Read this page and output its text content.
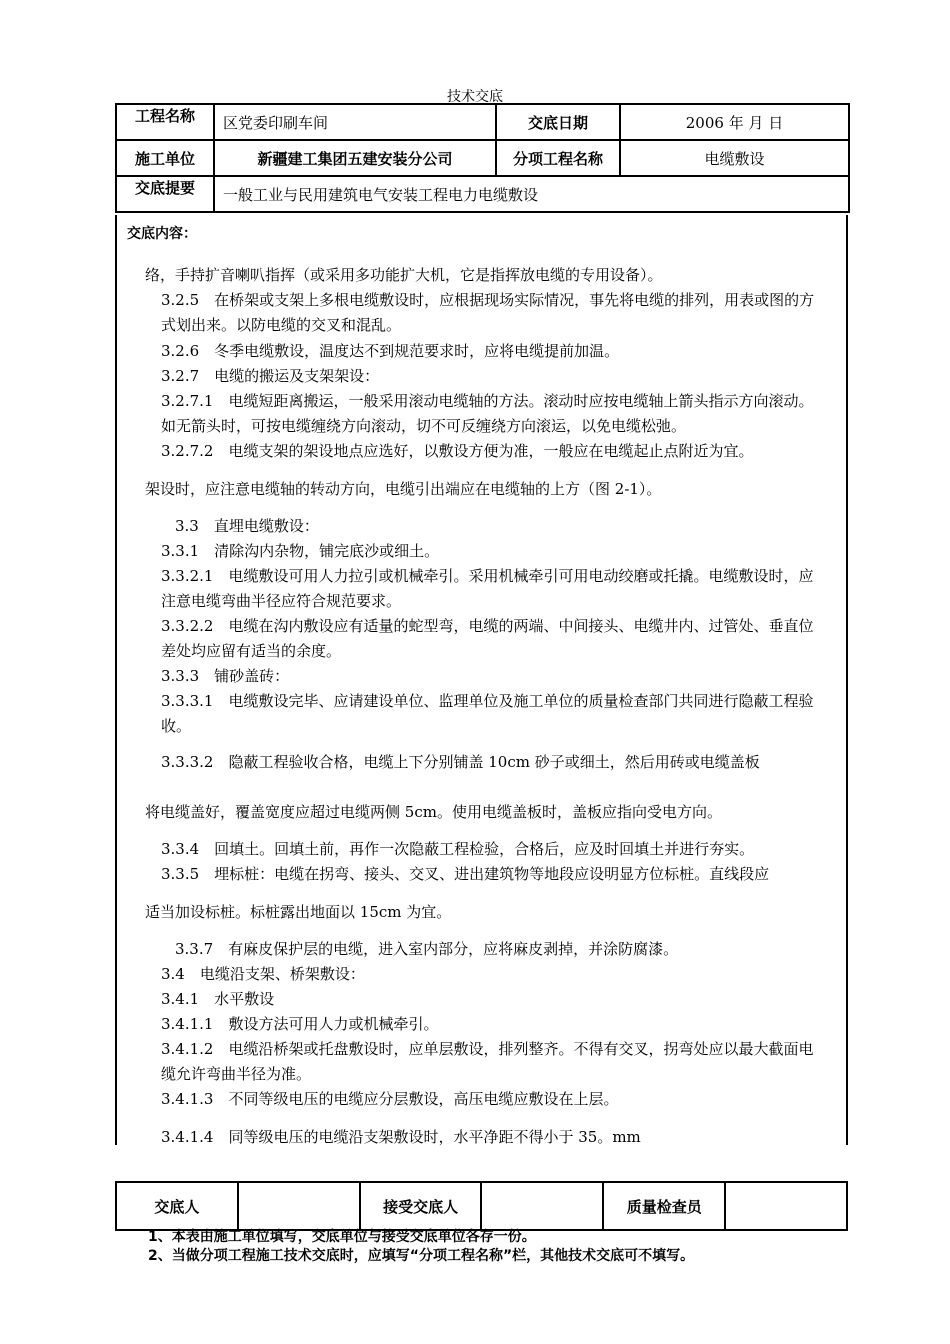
技术交底
工程名称	区党委印刷车间	交底日期	2006 年 月 日
施工单位	新疆建工集团五建安装分公司	分项工程名称	电缆敷设
交底提要	一般工业与民用建筑电气安装工程电力电缆敷设		
交底内容：
络，手持扩音喇叭指挥（或采用多功能扩大机，它是指挥放电缆的专用设备）。
3.2.5　在桥架或支架上多根电缆敷设时，应根据现场实际情况，事先将电缆的排列，用表或图的方式划出来。以防电缆的交叉和混乱。
3.2.6　冬季电缆敷设，温度达不到规范要求时，应将电缆提前加温。
3.2.7　电缆的搬运及支架架设：
3.2.7.1　电缆短距离搬运，一般采用滚动电缆轴的方法。滚动时应按电缆轴上箭头指示方向滚动。如无箭头时，可按电缆缠绕方向滚动，切不可反缠绕方向滚运，以免电缆松弛。
3.2.7.2　电缆支架的架设地点应选好，以敷设方便为准，一般应在电缆起止点附近为宜。
架设时，应注意电缆轴的转动方向，电缆引出端应在电缆轴的上方（图 2-1）。
3.3　直埋电缆敷设：
3.3.1　清除沟内杂物，铺完底沙或细土。
3.3.2.1　电缆敷设可用人力拉引或机械牵引。采用机械牵引可用电动绞磨或托撬。电缆敷设时，应注意电缆弯曲半径应符合规范要求。
3.3.2.2　电缆在沟内敷设应有适量的蛇型弯，电缆的两端、中间接头、电缆井内、过管处、垂直位差处均应留有适当的余度。
3.3.3　铺砂盖砖：
3.3.3.1　电缆敷设完毕、应请建设单位、监理单位及施工单位的质量检查部门共同进行隐蔽工程验收。
3.3.3.2　隐蔽工程验收合格，电缆上下分别铺盖 10cm 砂子或细土，然后用砖或电缆盖板
将电缆盖好，覆盖宽度应超过电缆两侧 5cm。使用电缆盖板时，盖板应指向受电方向。
3.3.4　回填土。回填土前，再作一次隐蔽工程检验，合格后，应及时回填土并进行夯实。
3.3.5　埋标桩：电缆在拐弯、接头、交叉、进出建筑物等地段应设明显方位标桩。直线段应
适当加设标桩。标桩露出地面以 15cm 为宜。
3.3.7　有麻皮保护层的电缆，进入室内部分，应将麻皮剥掉，并涂防腐漆。
3.4　电缆沿支架、桥架敷设：
3.4.1　水平敷设
3.4.1.1　敷设方法可用人力或机械牵引。
3.4.1.2　电缆沿桥架或托盘敷设时，应单层敷设，排列整齐。不得有交叉，拐弯处应以最大截面电缆允许弯曲半径为准。
3.4.1.3　不同等级电压的电缆应分层敷设，高压电缆应敷设在上层。
3.4.1.4　同等级电压的电缆沿支架敷设时，水平净距不得小于 35。mm
交底人		接受交底人		质量检查员	
1、本表由施工单位填写，交底单位与接受交底单位各存一份。
2、当做分项工程施工技术交底时，应填写“分项工程名称”栏，其他技术交底可不填写。
